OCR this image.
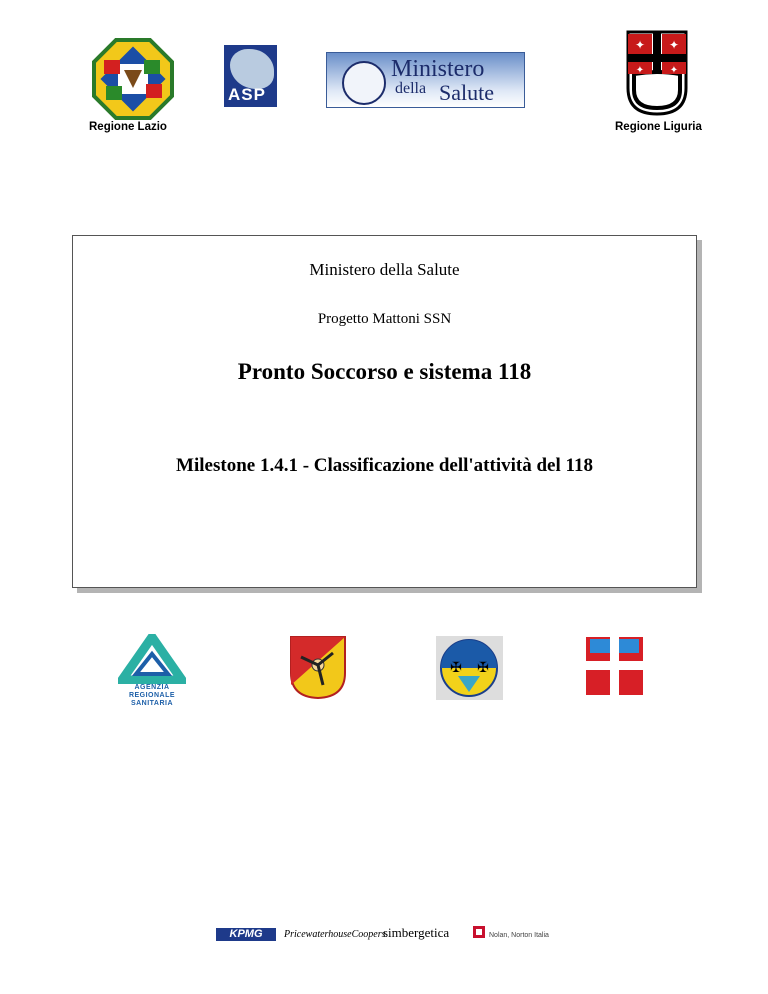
Regione Lazio
ASP
Ministero
della Salute
✦ ✦
✦	✦
Regione Liguria
Ministero della Salute
Progetto Mattoni SSN
Pronto Soccorso e sistema 118
Milestone 1.4.1 - Classificazione dell'attività del 118
AGENZIA
REGIONALE
SANITARIA
✠ ✠
KPMG	PricewaterhouseCoopers
simbergetica	Nolan, Norton Italia
